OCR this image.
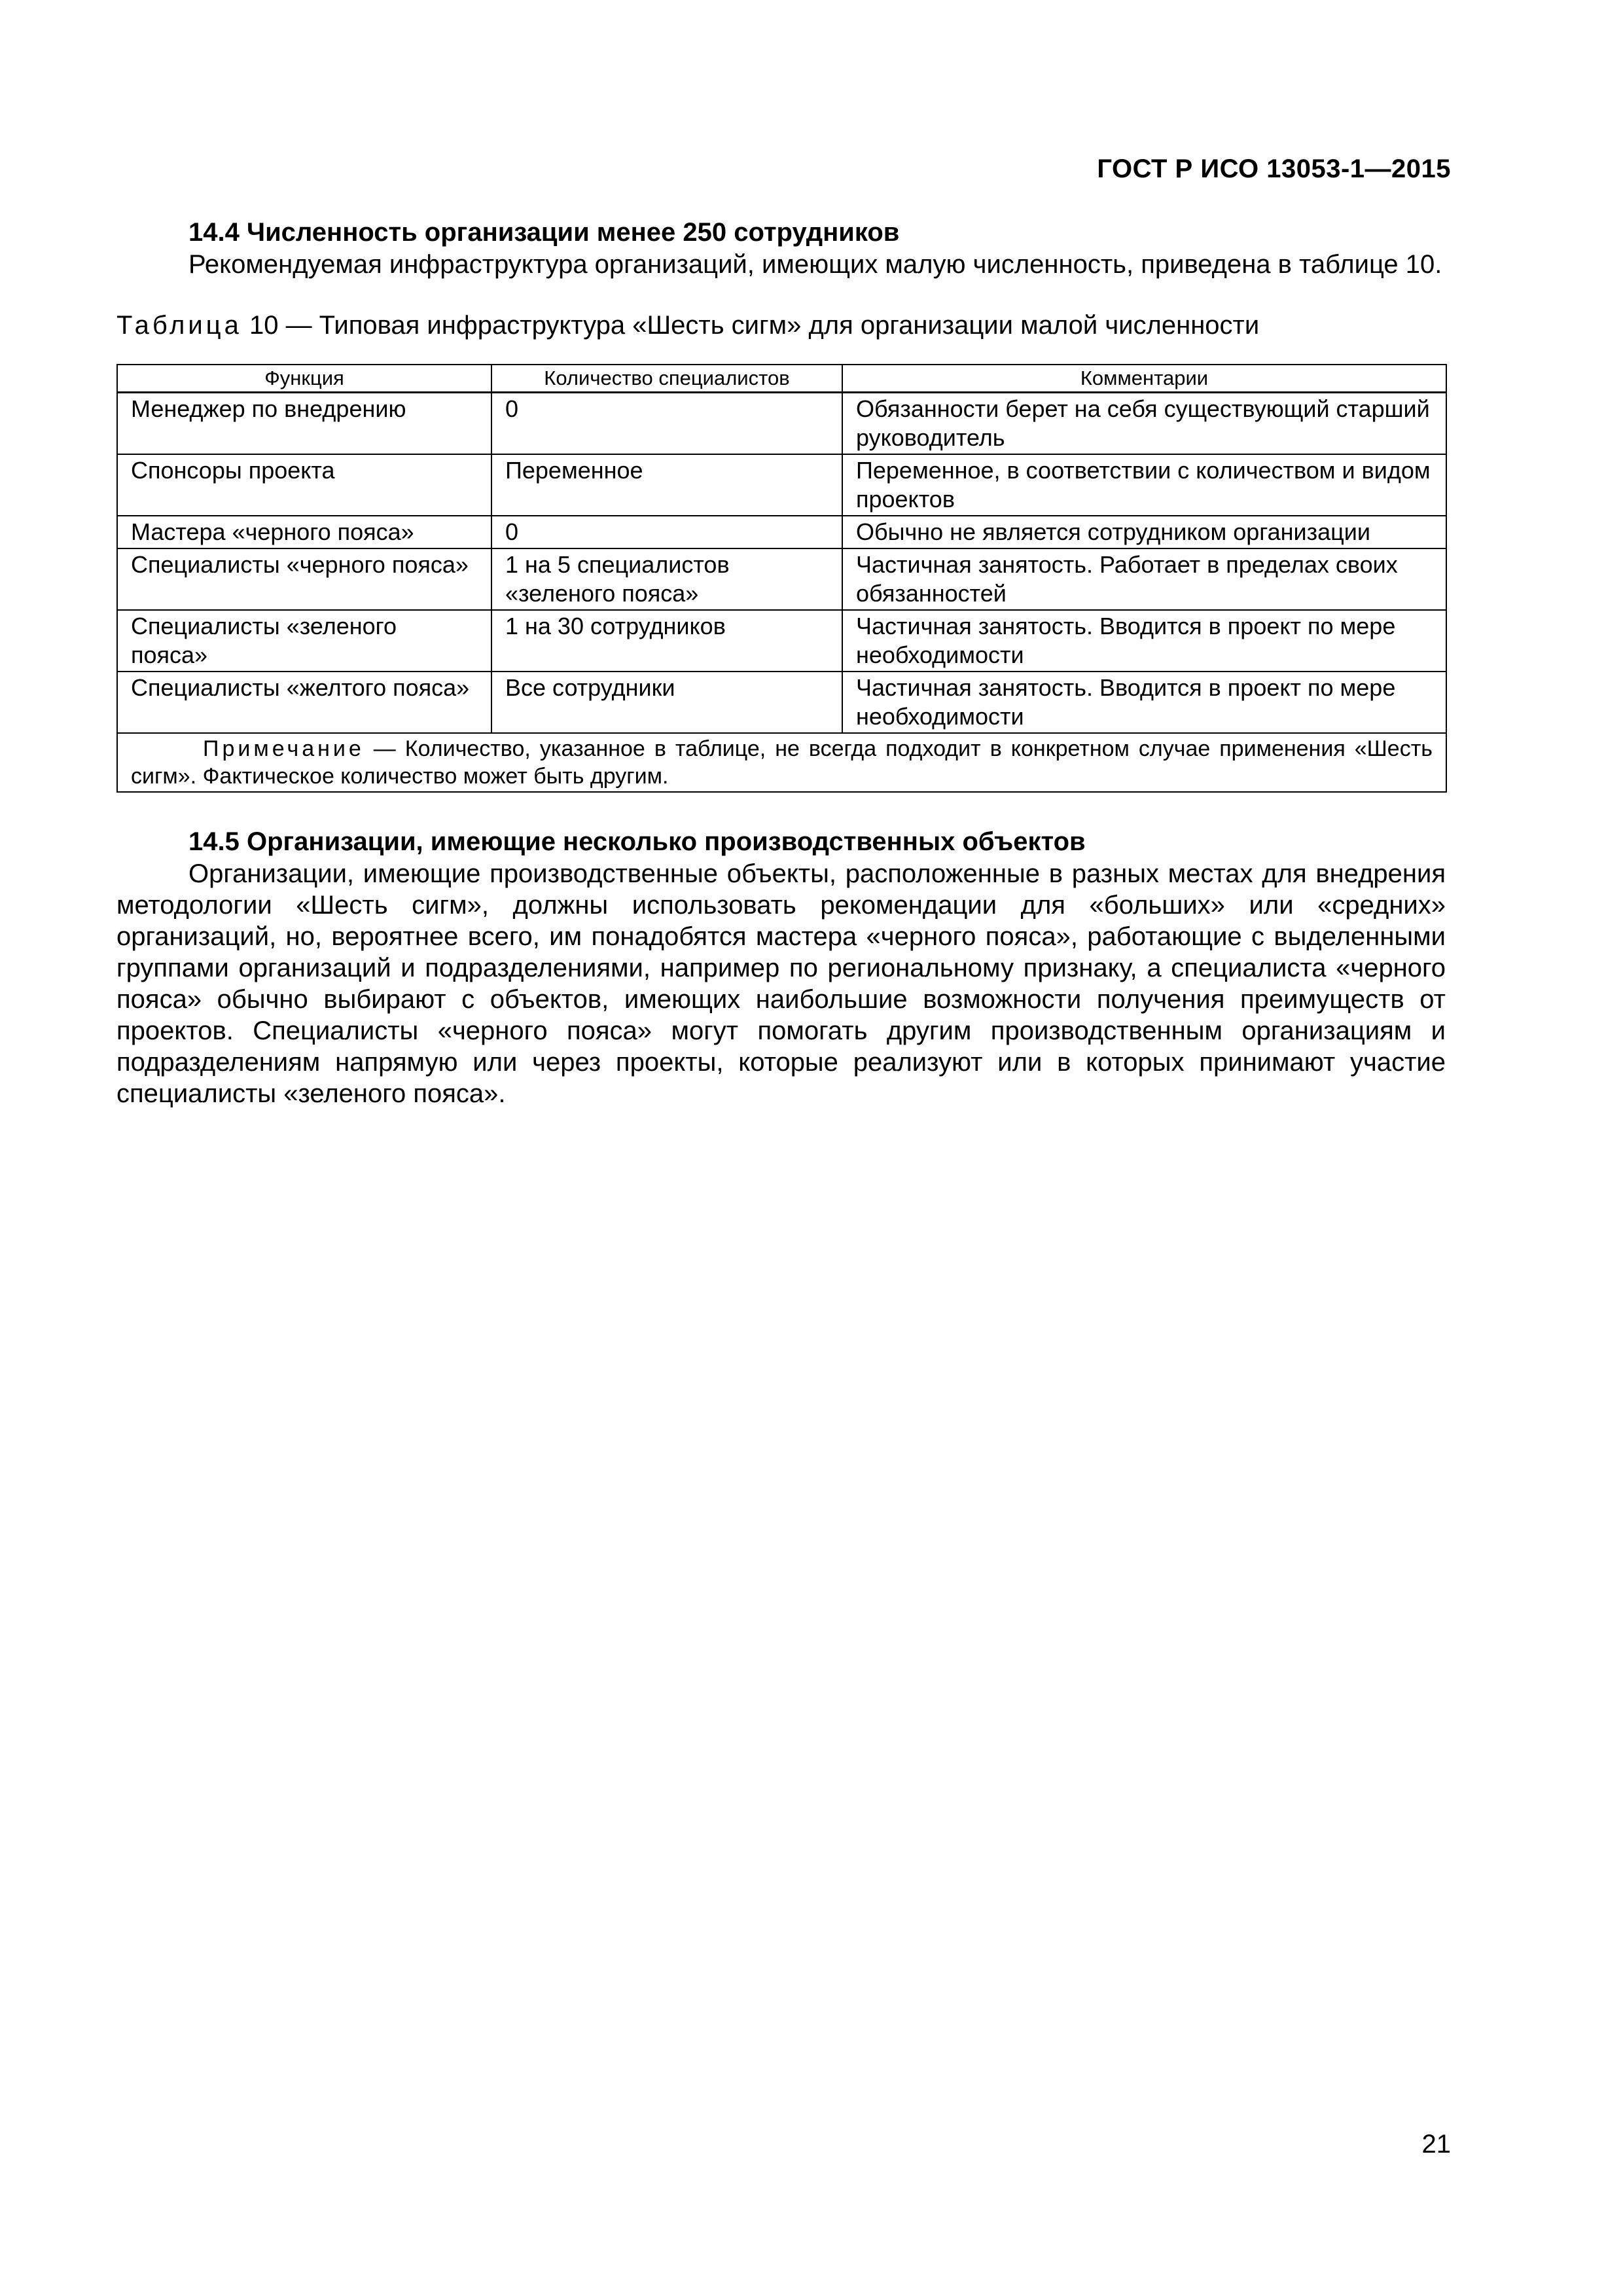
ГОСТ Р ИСО 13053-1—2015

14.4 Численность организации менее 250 сотрудников

Рекомендуемая инфраструктура организаций, имеющих малую численность, приведена в таблице 10.

Таблица 10 — Типовая инфраструктура «Шесть сигм» для организации малой численности
Функция	Количество специалистов	Комментарии
Менеджер по внедрению	0	Обязанности берет на себя существующий старший руководитель
Спонсоры проекта	Переменное	Переменное, в соответствии с количеством и видом проектов
Мастера «черного пояса»	0	Обычно не является сотрудником организации
Специалисты «черного пояса»	1 на 5 специалистов «зеленого пояса»	Частичная занятость. Работает в пределах своих обязанностей
Специалисты «зеленого пояса»	1 на 30 сотрудников	Частичная занятость. Вводится в проект по мере необходимости
Специалисты «желтого пояса»	Все сотрудники	Частичная занятость. Вводится в проект по мере необходимости
Примечание — Количество, указанное в таблице, не всегда подходит в конкретном случае применения «Шесть сигм». Фактическое количество может быть другим.		

14.5 Организации, имеющие несколько производственных объектов

Организации, имеющие производственные объекты, расположенные в разных местах для внедрения методологии «Шесть сигм», должны использовать рекомендации для «больших» или «средних» организаций, но, вероятнее всего, им понадобятся мастера «черного пояса», работающие с выделенными группами организаций и подразделениями, например по региональному признаку, а специалиста «черного пояса» обычно выбирают с объектов, имеющих наибольшие возможности получения преимуществ от проектов. Специалисты «черного пояса» могут помогать другим производственным организациям и подразделениям напрямую или через проекты, которые реализуют или в которых принимают участие специалисты «зеленого пояса».

21
